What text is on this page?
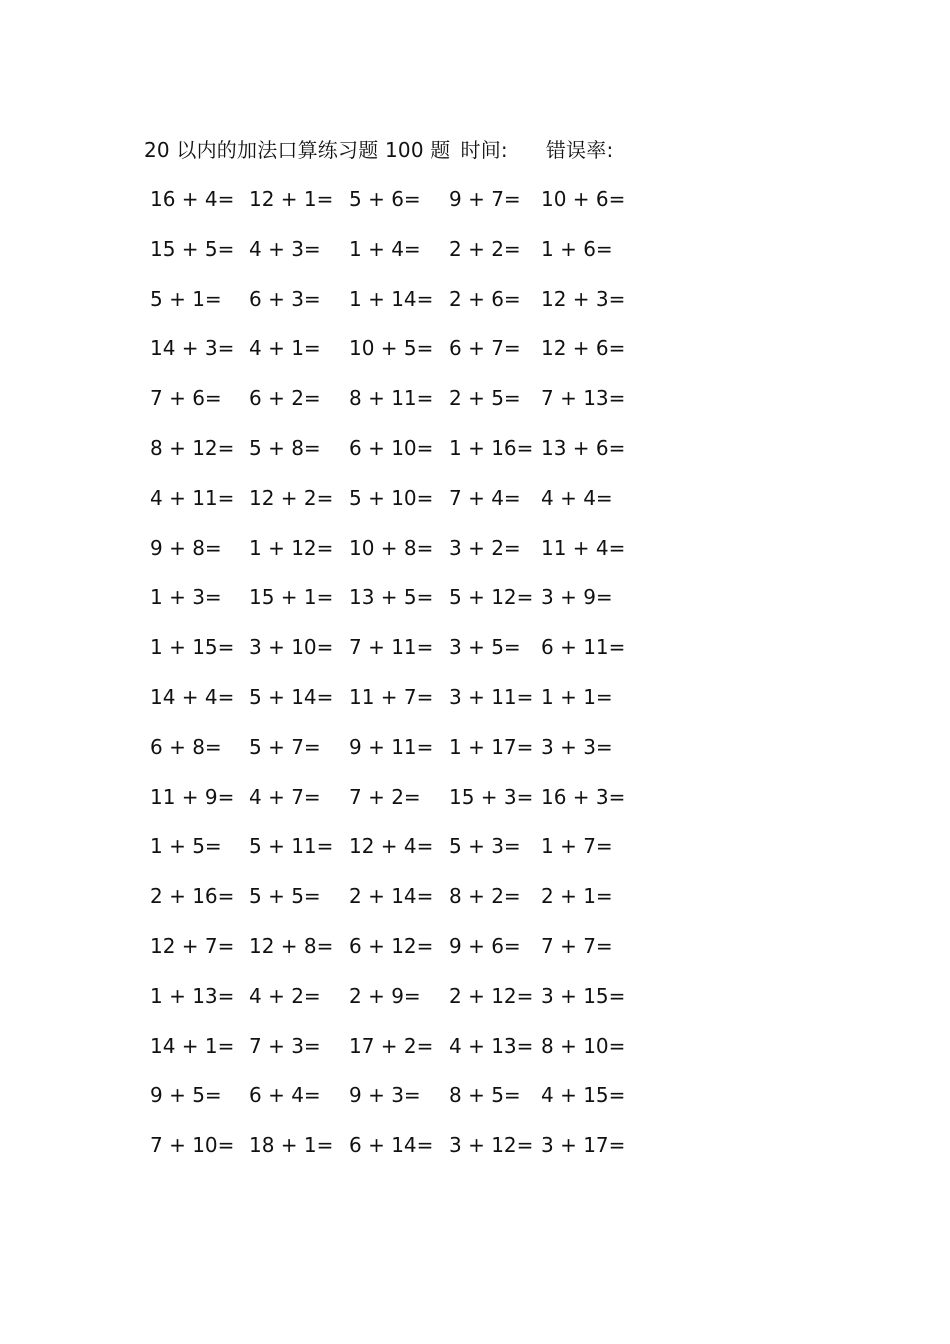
20 以内的加法口算练习题 100 题 时间: 错误率:
16 + 4= 12 + 1= 5 + 6= 9 + 7= 10 + 6=
15 + 5= 4 + 3= 1 + 4= 2 + 2= 1 + 6=
5 + 1= 6 + 3= 1 + 14= 2 + 6= 12 + 3=
14 + 3= 4 + 1= 10 + 5= 6 + 7= 12 + 6=
7 + 6= 6 + 2= 8 + 11= 2 + 5= 7 + 13=
8 + 12= 5 + 8= 6 + 10= 1 + 16= 13 + 6=
4 + 11= 12 + 2= 5 + 10= 7 + 4= 4 + 4=
9 + 8= 1 + 12= 10 + 8= 3 + 2= 11 + 4=
1 + 3= 15 + 1= 13 + 5= 5 + 12= 3 + 9=
1 + 15= 3 + 10= 7 + 11= 3 + 5= 6 + 11=
14 + 4= 5 + 14= 11 + 7= 3 + 11= 1 + 1=
6 + 8= 5 + 7= 9 + 11= 1 + 17= 3 + 3=
11 + 9= 4 + 7= 7 + 2= 15 + 3= 16 + 3=
1 + 5= 5 + 11= 12 + 4= 5 + 3= 1 + 7=
2 + 16= 5 + 5= 2 + 14= 8 + 2= 2 + 1=
12 + 7= 12 + 8= 6 + 12= 9 + 6= 7 + 7=
1 + 13= 4 + 2= 2 + 9= 2 + 12= 3 + 15=
14 + 1= 7 + 3= 17 + 2= 4 + 13= 8 + 10=
9 + 5= 6 + 4= 9 + 3= 8 + 5= 4 + 15=
7 + 10= 18 + 1= 6 + 14= 3 + 12= 3 + 17=
